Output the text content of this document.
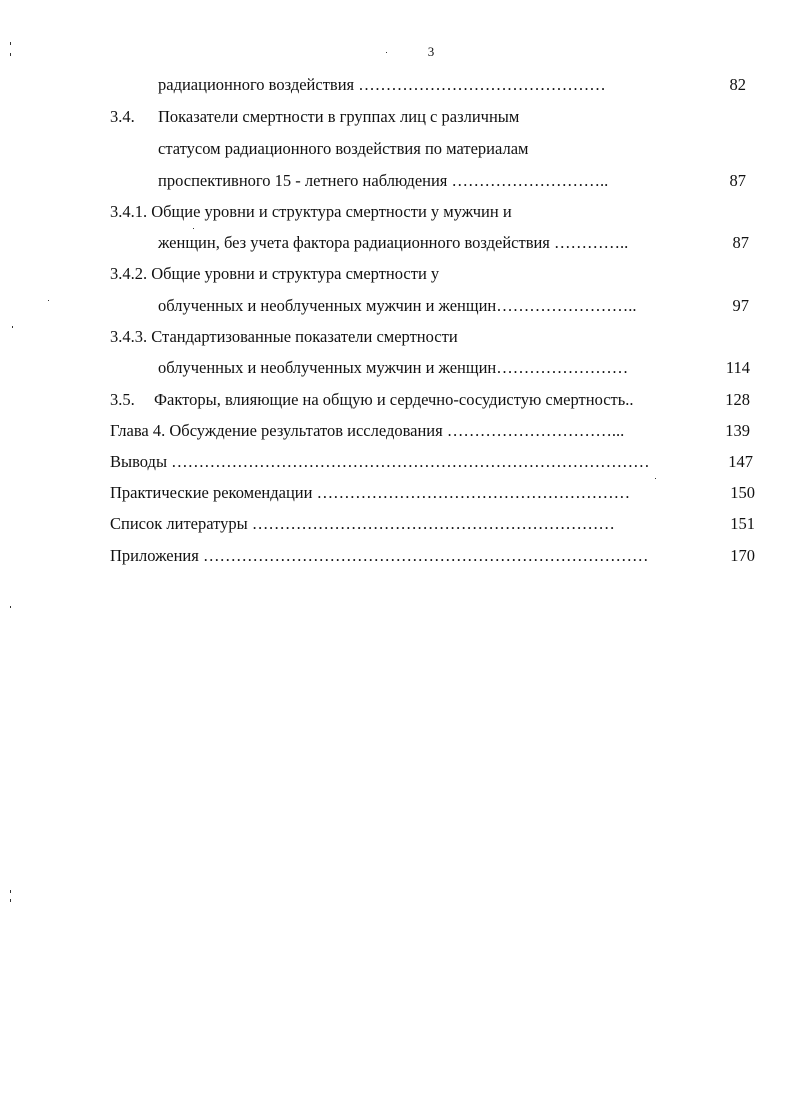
3
радиационного воздействия ………………………………………	82
3.4. Показатели смертности в группах лиц с различным
статусом радиационного воздействия по материалам
проспективного 15 - летнего наблюдения ………………………..	87
3.4.1. Общие уровни и структура смертности у мужчин и
женщин, без учета фактора радиационного воздействия …………..	87
3.4.2. Общие уровни и структура смертности у
облученных и необлученных мужчин и женщин……………………..	97
3.4.3. Стандартизованные показатели смертности
облученных и необлученных мужчин и женщин……………………	114
3.5. Факторы, влияющие на общую и сердечно-сосудистую смертность..	128
Глава 4. Обсуждение результатов исследования …………………………...	139
Выводы ……………………………………………………………………………	147
Практические рекомендации …………………………………………………	150
Список литературы …………………………………………………………	151
Приложения ………………………………………………………………………	170
